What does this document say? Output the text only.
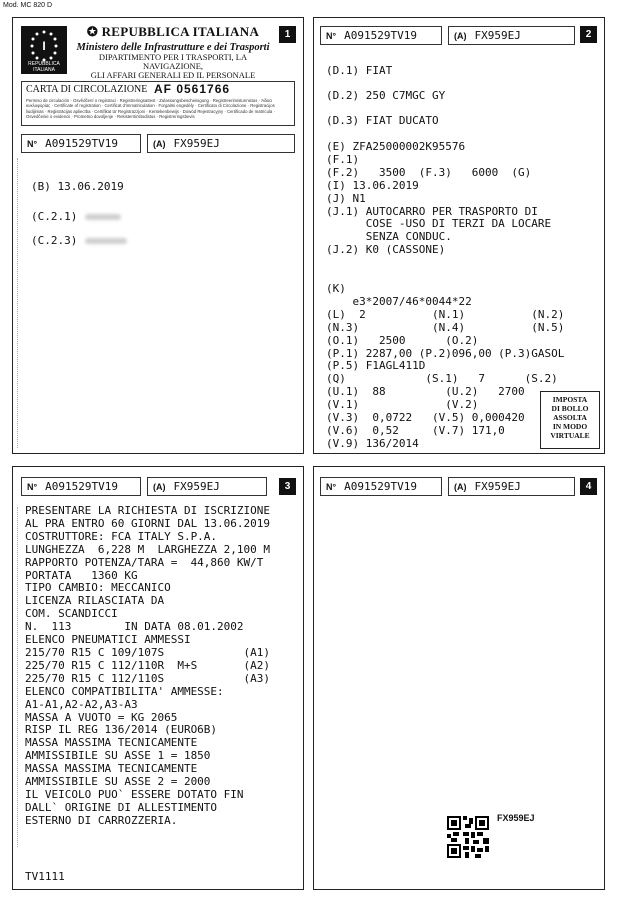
Mod. MC 820 D
I
REPUBBLICA ITALIANA
✪ REPUBBLICA ITALIANA
Ministero delle Infrastrutture e dei Trasporti
DIPARTIMENTO PER I TRASPORTI, LA NAVIGAZIONE,
GLI AFFARI GENERALI ED IL PERSONALE
1
CARTA DI CIRCOLAZIONE AF 0561766
Permiso de circulación · Osvědčení o registraci · Registreringsattest · Zulassungsbescheinigung · Registreerimistunnistus · Άδεια κυκλοφορίας · Certificate of registration · Certificat d'immatriculation · Forgalmi engedély · Certificato di Circolazione · Registracijos liudijimas · Reģistrācijas apliecība · Certifikat ta' Registrazzjoni · Kentekenbewijs · Dowód Rejestracyjny · Certificado de matrícula · Osvedčenie o evidencii · Prometno dovoljenje · Rekisteröintitodistus · Registreringsbevis
N° A091529TV19	(A) FX959EJ
(B) 13.06.2019
(C.2.1)
(C.2.3)
N° A091529TV19	(A) FX959EJ	2
(D.1) FIAT
(D.2) 250 C7MGC GY
(D.3) FIAT DUCATO
(E) ZFA25000002K95576
(F.1)
(F.2)   3500  (F.3)   6000  (G)
(I) 13.06.2019
(J) N1
(J.1) AUTOCARRO PER TRASPORTO DI
COSE -USO DI TERZI DA LOCARE
SENZA CONDUC.
(J.2) K0 (CASSONE)

(K)
e3*2007/46*0044*22
(L)  2          (N.1)          (N.2)
(N.3)           (N.4)          (N.5)
(O.1)   2500      (O.2)
(P.1) 2287,00 (P.2)096,00 (P.3)GASOL
(P.5) F1AGL411D
(Q)            (S.1)   7      (S.2)
(U.1)  88         (U.2)   2700
(V.1)             (V.2)
(V.3)  0,0722   (V.5) 0,000420
(V.6)  0,52     (V.7) 171,0
(V.9) 136/2014
IMPOSTA
DI BOLLO
ASSOLTA
IN MODO
VIRTUALE
N° A091529TV19	(A) FX959EJ	3
PRESENTARE LA RICHIESTA DI ISCRIZIONE
AL PRA ENTRO 60 GIORNI DAL 13.06.2019
COSTRUTTORE: FCA ITALY S.P.A.
LUNGHEZZA  6,228 M  LARGHEZZA 2,100 M
RAPPORTO POTENZA/TARA =  44,860 KW/T
PORTATA   1360 KG
TIPO CAMBIO: MECCANICO
LICENZA RILASCIATA DA
COM. SCANDICCI
N.  113        IN DATA 08.01.2002
ELENCO PNEUMATICI AMMESSI
215/70 R15 C 109/107S            (A1)
225/70 R15 C 112/110R  M+S       (A2)
225/70 R15 C 112/110S            (A3)
ELENCO COMPATIBILITA' AMMESSE:
A1-A1,A2-A2,A3-A3
MASSA A VUOTO = KG 2065
RISP IL REG 136/2014 (EURO6B)
MASSA MASSIMA TECNICAMENTE
AMMISSIBILE SU ASSE 1 = 1850
MASSA MASSIMA TECNICAMENTE
AMMISSIBILE SU ASSE 2 = 2000
IL VEICOLO PUO` ESSERE DOTATO FIN
DALL` ORIGINE DI ALLESTIMENTO
ESTERNO DI CARROZZERIA.
TV1111
N° A091529TV19	(A) FX959EJ	4
FX959EJ
